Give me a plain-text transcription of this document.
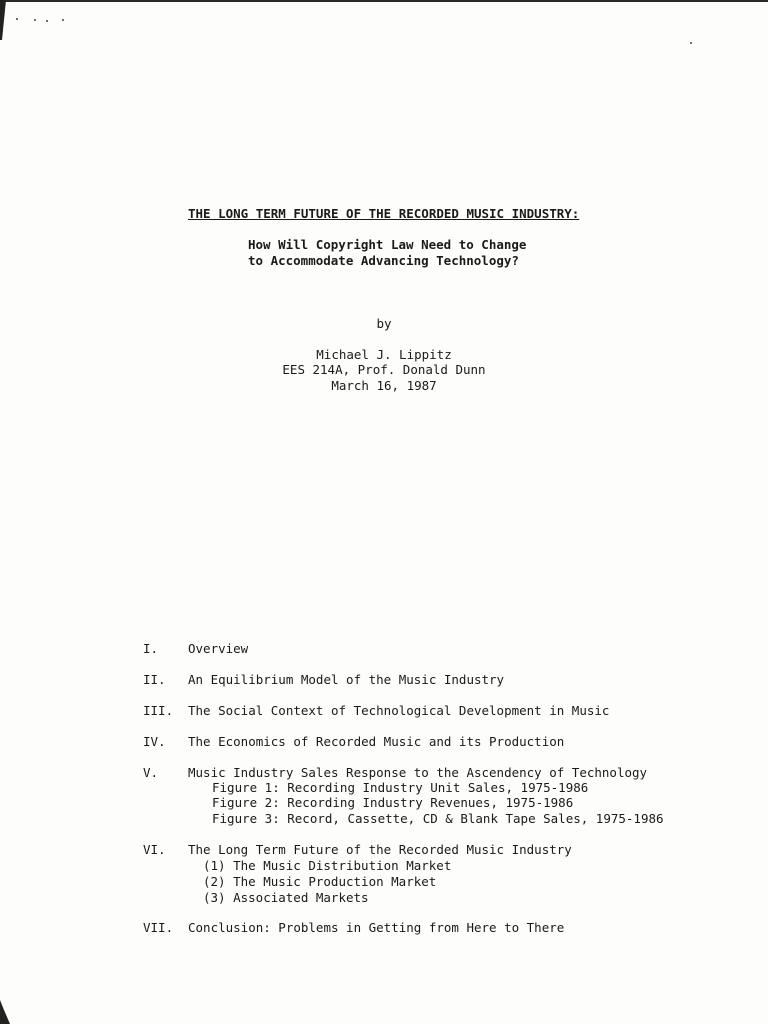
THE LONG TERM FUTURE OF THE RECORDED MUSIC INDUSTRY:
How Will Copyright Law Need to Change
to Accommodate Advancing Technology?
by
Michael J. Lippitz
EES 214A, Prof. Donald Dunn
March 16, 1987
I. Overview
II. An Equilibrium Model of the Music Industry
III. The Social Context of Technological Development in Music
IV. The Economics of Recorded Music and its Production
V. Music Industry Sales Response to the Ascendency of Technology
Figure 1: Recording Industry Unit Sales, 1975-1986
Figure 2: Recording Industry Revenues, 1975-1986
Figure 3: Record, Cassette, CD & Blank Tape Sales, 1975-1986
VI. The Long Term Future of the Recorded Music Industry
(1) The Music Distribution Market
(2) The Music Production Market
(3) Associated Markets
VII. Conclusion: Problems in Getting from Here to There
